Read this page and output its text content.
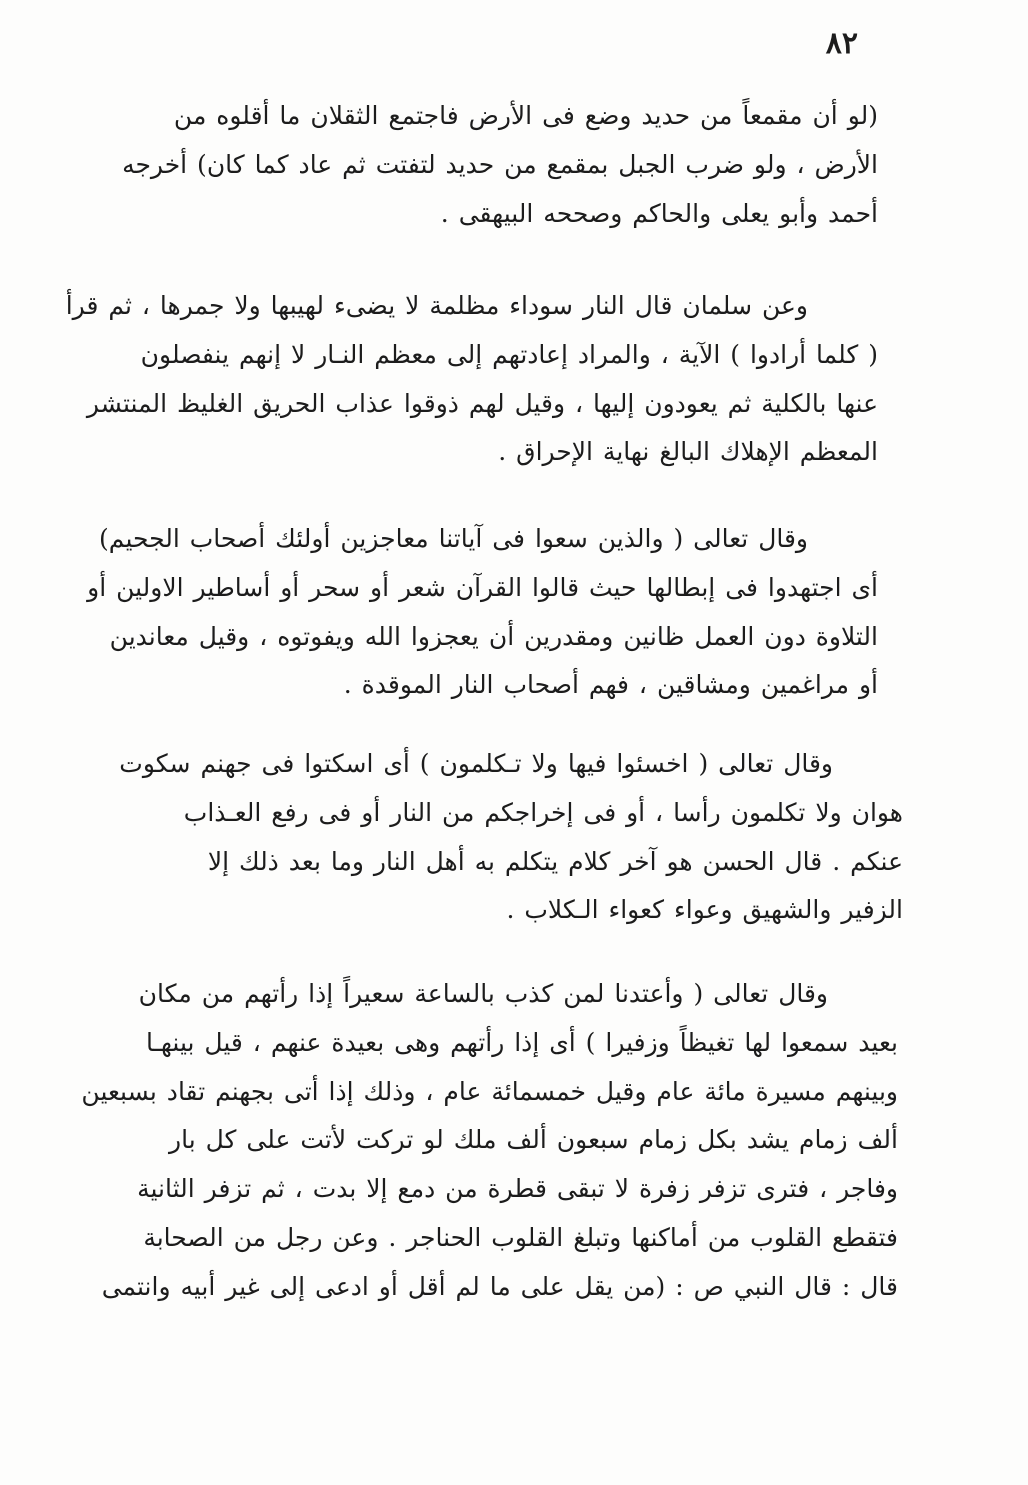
٨٢
(لو أن مقمعاً من حديد وضع فى الأرض فاجتمع الثقلان ما أقلوه من
الأرض ، ولو ضرب الجبل بمقمع من حديد لتفتت ثم عاد كما كان) أخرجه
أحمد وأبو يعلى والحاكم وصححه البيهقى .
وعن سلمان قال النار سوداء مظلمة لا يضىء لهيبها ولا جمرها ، ثم قرأ
( كلما أرادوا ) الآية ، والمراد إعادتهم إلى معظم النـار لا إنهم ينفصلون
عنها بالكلية ثم يعودون إليها ، وقيل لهم ذوقوا عذاب الحريق الغليظ المنتشر
المعظم الإهلاك البالغ نهاية الإحراق .
وقال تعالى ( والذين سعوا فى آياتنا معاجزين أولئك أصحاب الجحيم)
أى اجتهدوا فى إبطالها حيث قالوا القرآن شعر أو سحر أو أساطير الاولين أو
التلاوة دون العمل ظانين ومقدرين أن يعجزوا الله ويفوتوه ، وقيل معاندين
أو مراغمين ومشاقين ، فهم أصحاب النار الموقدة .
وقال تعالى ( اخسئوا فيها ولا تـكلمون ) أى اسكتوا فى جهنم سكوت
هوان ولا تكلمون رأسا ، أو فى إخراجكم من النار أو فى رفع العـذاب
عنكم . قال الحسن هو آخر كلام يتكلم به أهل النار وما بعد ذلك إلا
الزفير والشهيق وعواء كعواء الـكلاب .
وقال تعالى ( وأعتدنا لمن كذب بالساعة سعيراً إذا رأتهم من مكان
بعيد سمعوا لها تغيظاً وزفيرا ) أى إذا رأتهم وهى بعيدة عنهم ، قيل بينهـا
وبينهم مسيرة مائة عام وقيل خمسمائة عام ، وذلك إذا أتى بجهنم تقاد بسبعين
ألف زمام يشد بكل زمام سبعون ألف ملك لو تركت لأتت على كل بار
وفاجر ، فترى تزفر زفرة لا تبقى قطرة من دمع إلا بدت ، ثم تزفر الثانية
فتقطع القلوب من أماكنها وتبلغ القلوب الحناجر . وعن رجل من الصحابة
قال : قال النبي ص : (من يقل على ما لم أقل أو ادعى إلى غير أبيه وانتمى
